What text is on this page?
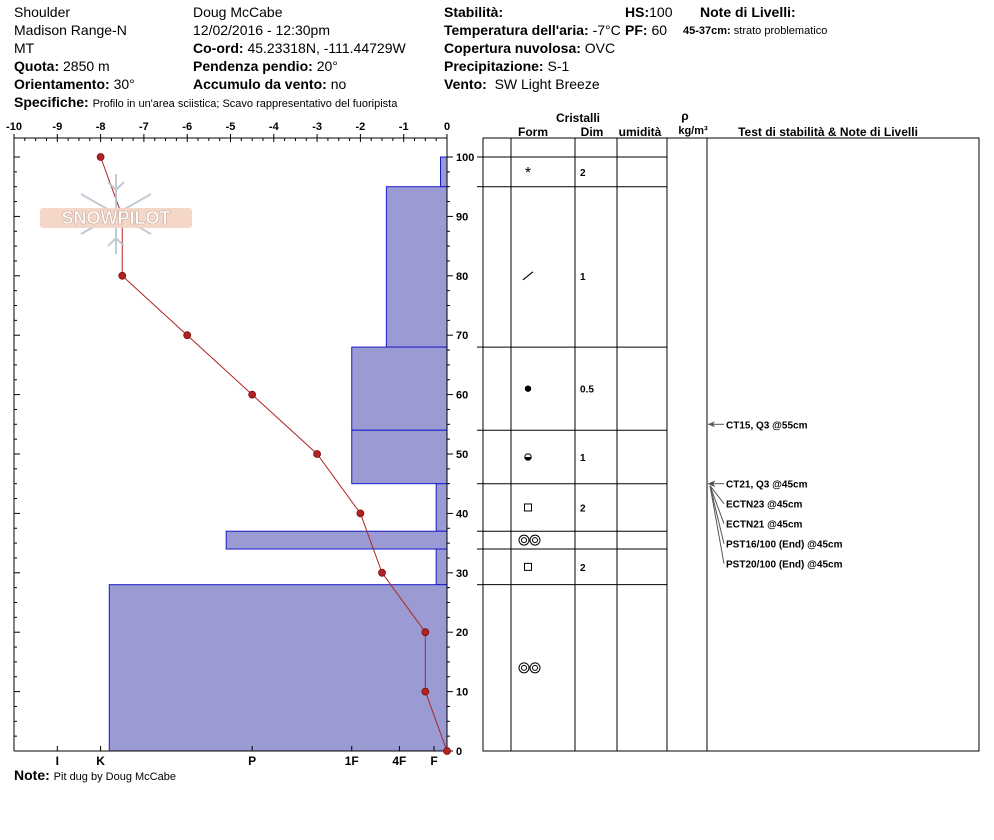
Shoulder
Madison Range-N
MT
Quota: 2850 m
Orientamento: 30°
Specifiche: Profilo in un'area sciistica; Scavo rappresentativo del fuoripista
Doug McCabe
12/02/2016 - 12:30pm
Co-ord: 45.23318N, -111.44729W
Pendenza pendio: 20°
Accumulo da vento: no
Stabilità:
Temperatura dell'aria: -7°C
Copertura nuvolosa: OVC
Precipitazione: S-1
Vento: SW Light Breeze
HS:100
PF: 60
Note di Livelli:
45-37cm: strato problematico
Note: Pit dug by Doug McCabe
-10	-9	-8	-7	-6	-5	-4	-3	-2	-1	0
0
10
20
30
40
50
60
70
80
90
100
I	K	P	1F	4F F
Cristalli
Form	Dim umidità
ρ
kg/m³	Test di stabilità & Note di Livelli
*	2
1
0.5
1
2
2
CT15, Q3 @55cm
CT21, Q3 @45cm
ECTN23 @45cm
ECTN21 @45cm
PST16/100 (End) @45cm
PST20/100 (End) @45cm
SNOWPILOT
